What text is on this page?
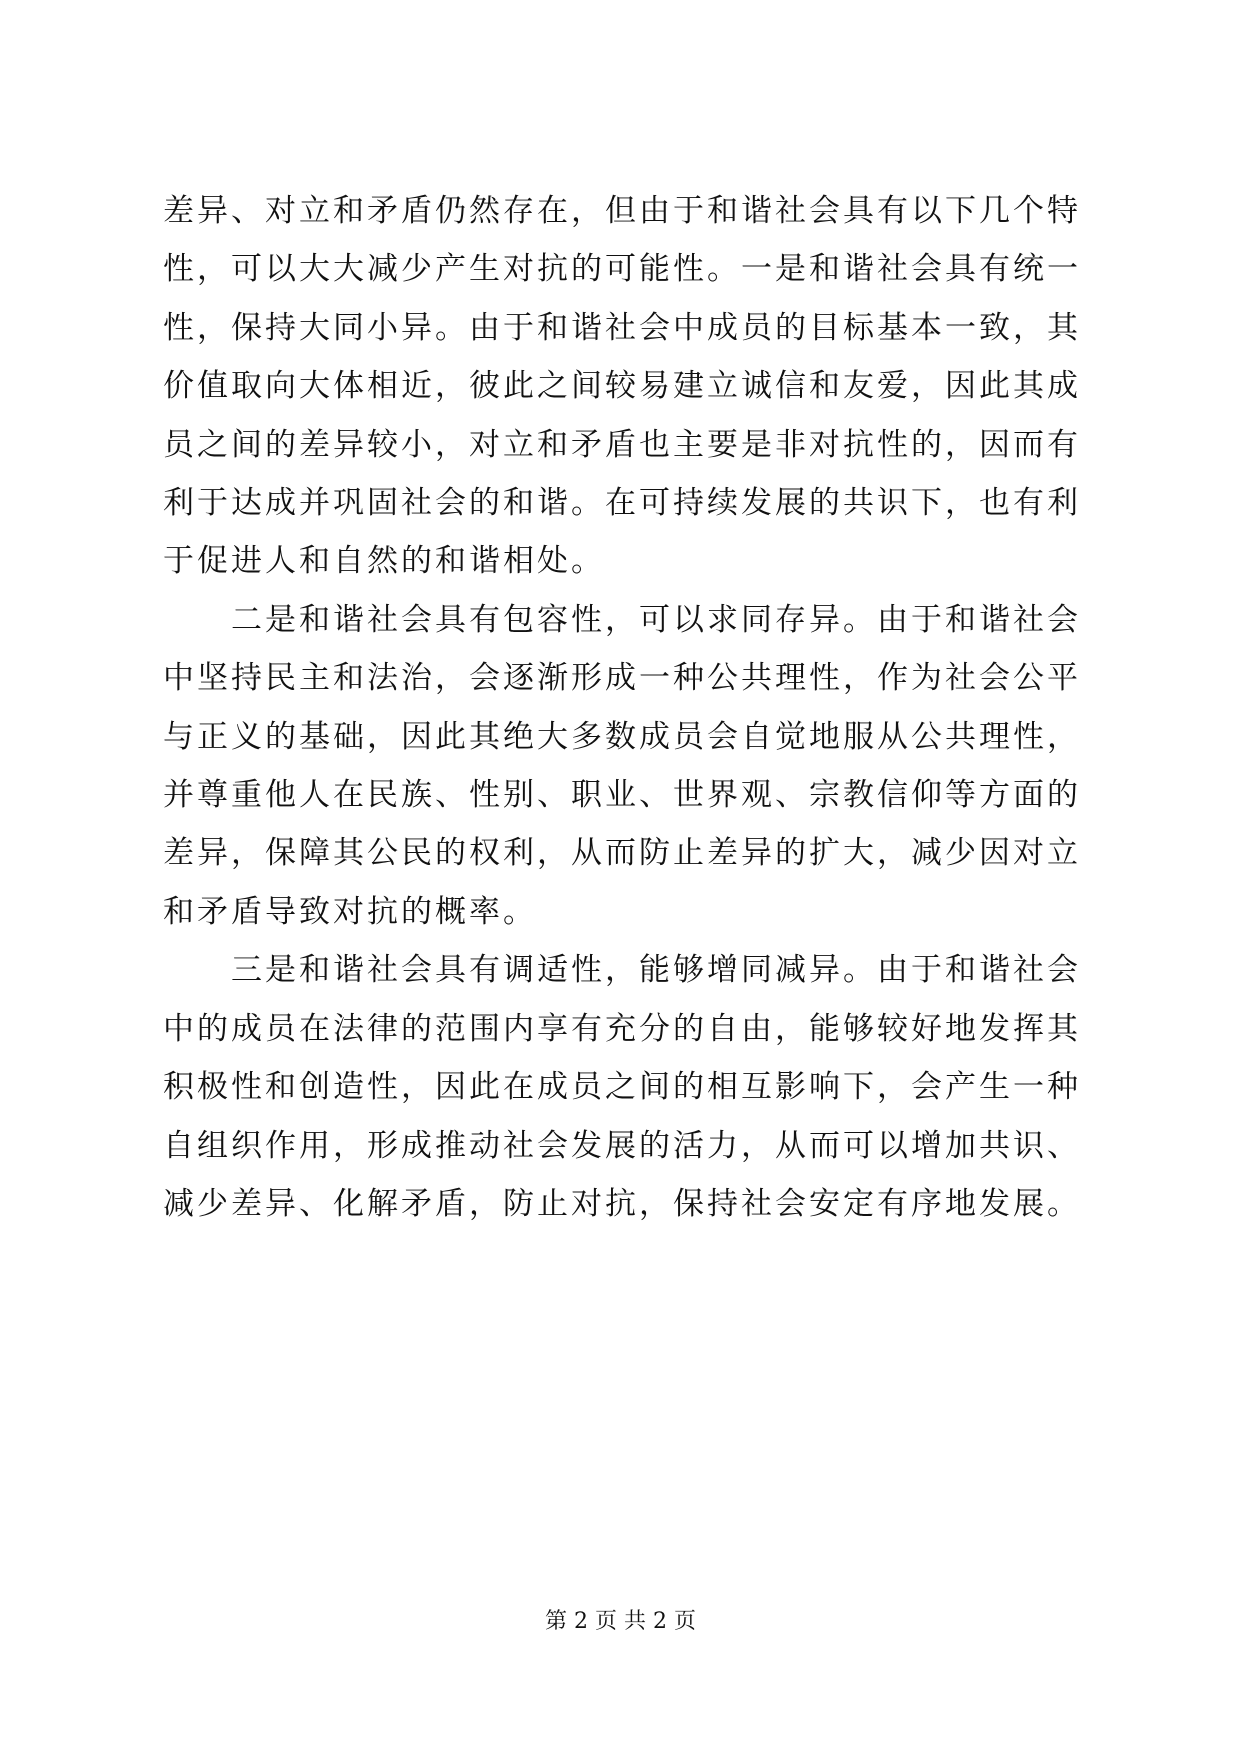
差异、对立和矛盾仍然存在，但由于和谐社会具有以下几个特性，可以大大减少产生对抗的可能性。一是和谐社会具有统一性，保持大同小异。由于和谐社会中成员的目标基本一致，其价值取向大体相近，彼此之间较易建立诚信和友爱，因此其成员之间的差异较小，对立和矛盾也主要是非对抗性的，因而有利于达成并巩固社会的和谐。在可持续发展的共识下，也有利于促进人和自然的和谐相处。

二是和谐社会具有包容性，可以求同存异。由于和谐社会中坚持民主和法治，会逐渐形成一种公共理性，作为社会公平与正义的基础，因此其绝大多数成员会自觉地服从公共理性，并尊重他人在民族、性别、职业、世界观、宗教信仰等方面的差异，保障其公民的权利，从而防止差异的扩大，减少因对立和矛盾导致对抗的概率。

三是和谐社会具有调适性，能够增同减异。由于和谐社会中的成员在法律的范围内享有充分的自由，能够较好地发挥其积极性和创造性，因此在成员之间的相互影响下，会产生一种自组织作用，形成推动社会发展的活力，从而可以增加共识、减少差异、化解矛盾，防止对抗，保持社会安定有序地发展。

第 2 页 共 2 页
